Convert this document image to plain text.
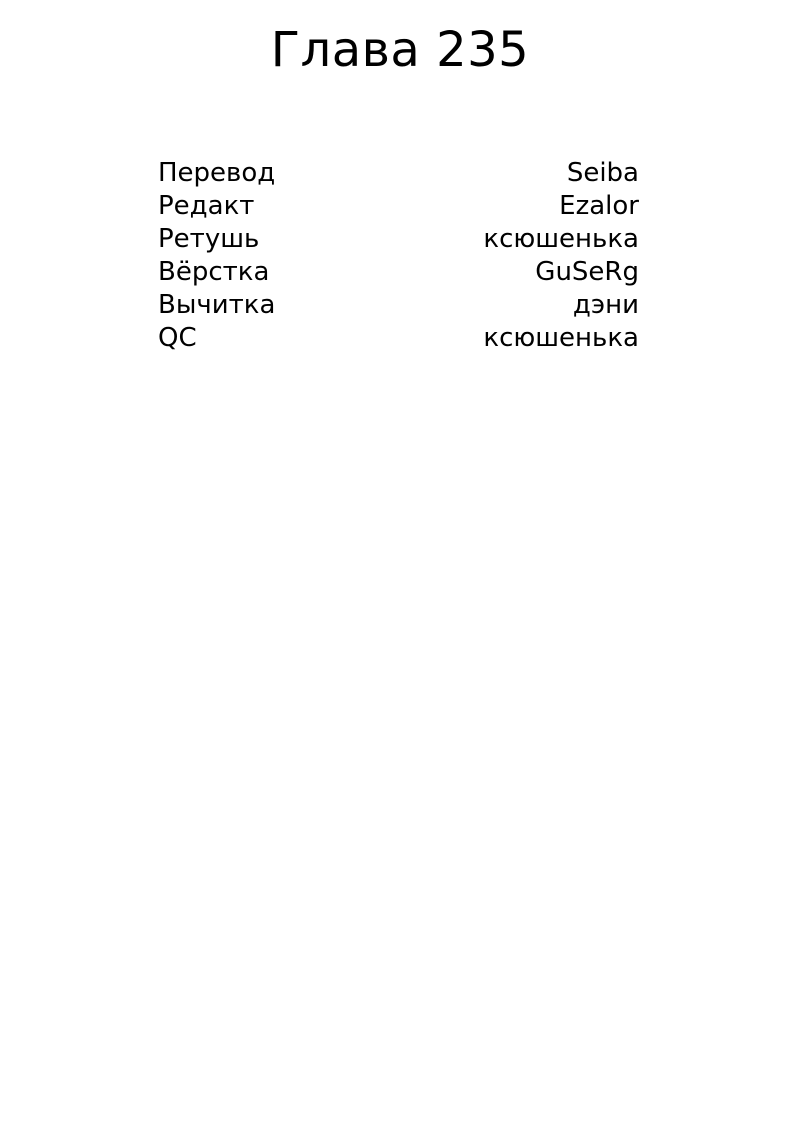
Глава 235
Перевод	Seiba
Редакт	Ezalor
Ретушь	ксюшенька
Вёрстка	GuSeRg
Вычитка	дэни
QC	ксюшенька
